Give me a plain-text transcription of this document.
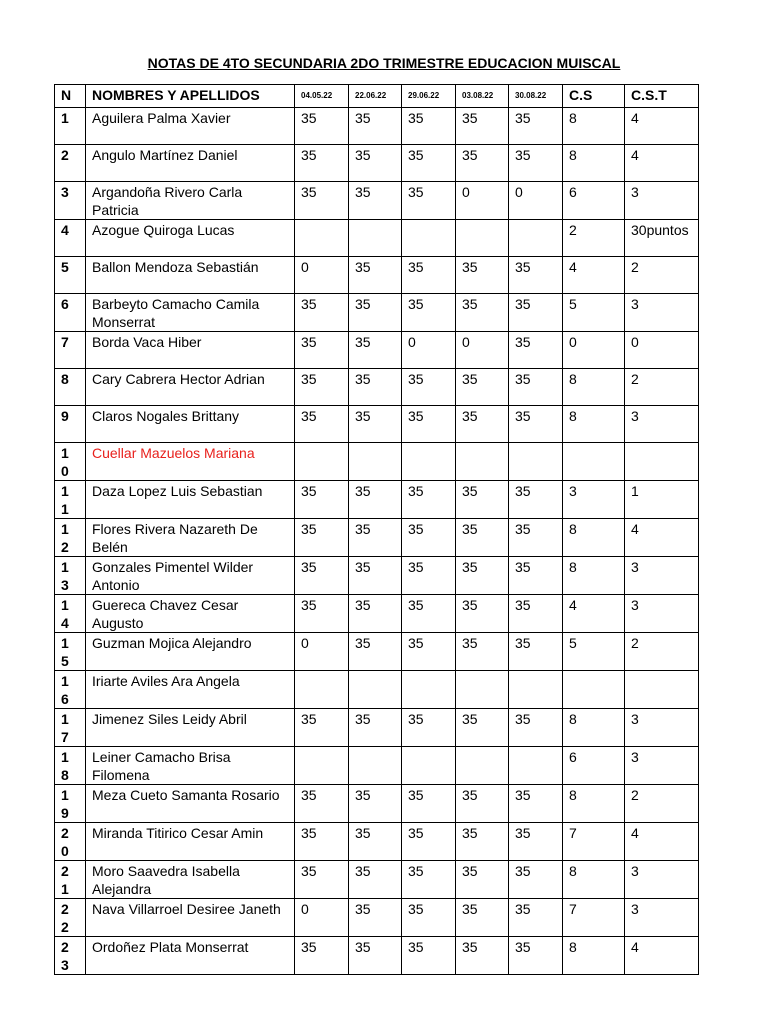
NOTAS DE 4TO SECUNDARIA 2DO TRIMESTRE EDUCACION MUISCAL
N	NOMBRES Y APELLIDOS	04.05.22	22.06.22	29.06.22	03.08.22	30.08.22	C.S	C.S.T

1	Aguilera Palma Xavier	35	35	35	35	35	8	4

2	Angulo Martínez Daniel	35	35	35	35	35	8	4

3	Argandoña Rivero Carla Patricia	35	35	35	0	0	6	3

4	Azogue Quiroga Lucas						2	30puntos

5	Ballon Mendoza Sebastián	0	35	35	35	35	4	2

6	Barbeyto Camacho Camila Monserrat	35	35	35	35	35	5	3

7	Borda Vaca Hiber	35	35	0	0	35	0	0

8	Cary Cabrera Hector Adrian	35	35	35	35	35	8	2

9	Claros Nogales Brittany	35	35	35	35	35	8	3

10	Cuellar Mazuelos Mariana							

11	Daza Lopez Luis Sebastian	35	35	35	35	35	3	1

12	Flores Rivera Nazareth De Belén	35	35	35	35	35	8	4

13	Gonzales Pimentel Wilder Antonio	35	35	35	35	35	8	3

14	Guereca Chavez Cesar Augusto	35	35	35	35	35	4	3

15	Guzman Mojica Alejandro	0	35	35	35	35	5	2

16	Iriarte Aviles Ara Angela							

17	Jimenez Siles Leidy Abril	35	35	35	35	35	8	3

18	Leiner Camacho Brisa Filomena						6	3

19	Meza Cueto Samanta Rosario	35	35	35	35	35	8	2

20	Miranda Titirico Cesar Amin	35	35	35	35	35	7	4

21	Moro Saavedra Isabella Alejandra	35	35	35	35	35	8	3

22	Nava Villarroel Desiree Janeth	0	35	35	35	35	7	3

23	Ordoñez Plata Monserrat	35	35	35	35	35	8	4
